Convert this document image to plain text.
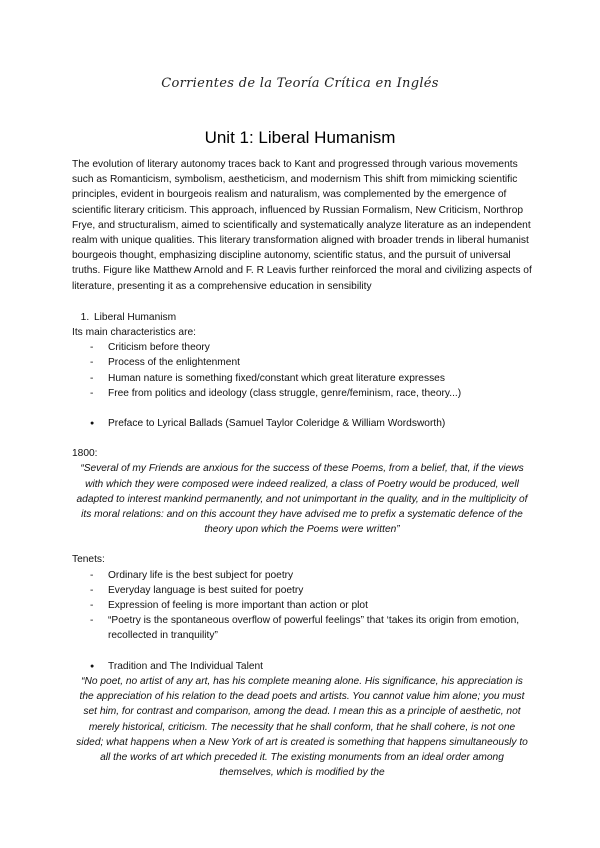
Corrientes de la Teoría Crítica en Inglés
Unit 1: Liberal Humanism

The evolution of literary autonomy traces back to Kant and progressed through various movements such as Romanticism, symbolism, aestheticism, and modernism This shift from mimicking scientific principles, evident in bourgeois realism and naturalism, was complemented by the emergence of scientific literary criticism. This approach, influenced by Russian Formalism, New Criticism, Northrop Frye, and structuralism, aimed to scientifically and systematically analyze literature as an independent realm with unique qualities. This literary transformation aligned with broader trends in liberal humanist bourgeois thought, emphasizing discipline autonomy, scientific status, and the pursuit of universal truths. Figure like Matthew Arnold and F. R Leavis further reinforced the moral and civilizing aspects of literature, presenting it as a comprehensive education in sensibility

1. Liberal Humanism

Its main characteristics are:

- Criticism before theory
- Process of the enlightenment
- Human nature is something fixed/constant which great literature expresses
- Free from politics and ideology (class struggle, genre/feminism, race, theory...)
● Preface to Lyrical Ballads (Samuel Taylor Coleridge & William Wordsworth)

1800:

“Several of my Friends are anxious for the success of these Poems, from a belief, that, if the views with which they were composed were indeed realized, a class of Poetry would be produced, well adapted to interest mankind permanently, and not unimportant in the quality, and in the multiplicity of its moral relations: and on this account they have advised me to prefix a systematic defence of the theory upon which the Poems were written”

Tenets:

- Ordinary life is the best subject for poetry
- Everyday language is best suited for poetry
- Expression of feeling is more important than action or plot
- “Poetry is the spontaneous overflow of powerful feelings” that ‘takes its origin from emotion, recollected in tranquility”
● Tradition and The Individual Talent

“No poet, no artist of any art, has his complete meaning alone. His significance, his appreciation is the appreciation of his relation to the dead poets and artists. You cannot value him alone; you must set him, for contrast and comparison, among the dead. I mean this as a principle of aesthetic, not merely historical, criticism. The necessity that he shall conform, that he shall cohere, is not one sided; what happens when a New York of art is created is something that happens simultaneously to all the works of art which preceded it. The existing monuments from an ideal order among themselves, which is modified by the
